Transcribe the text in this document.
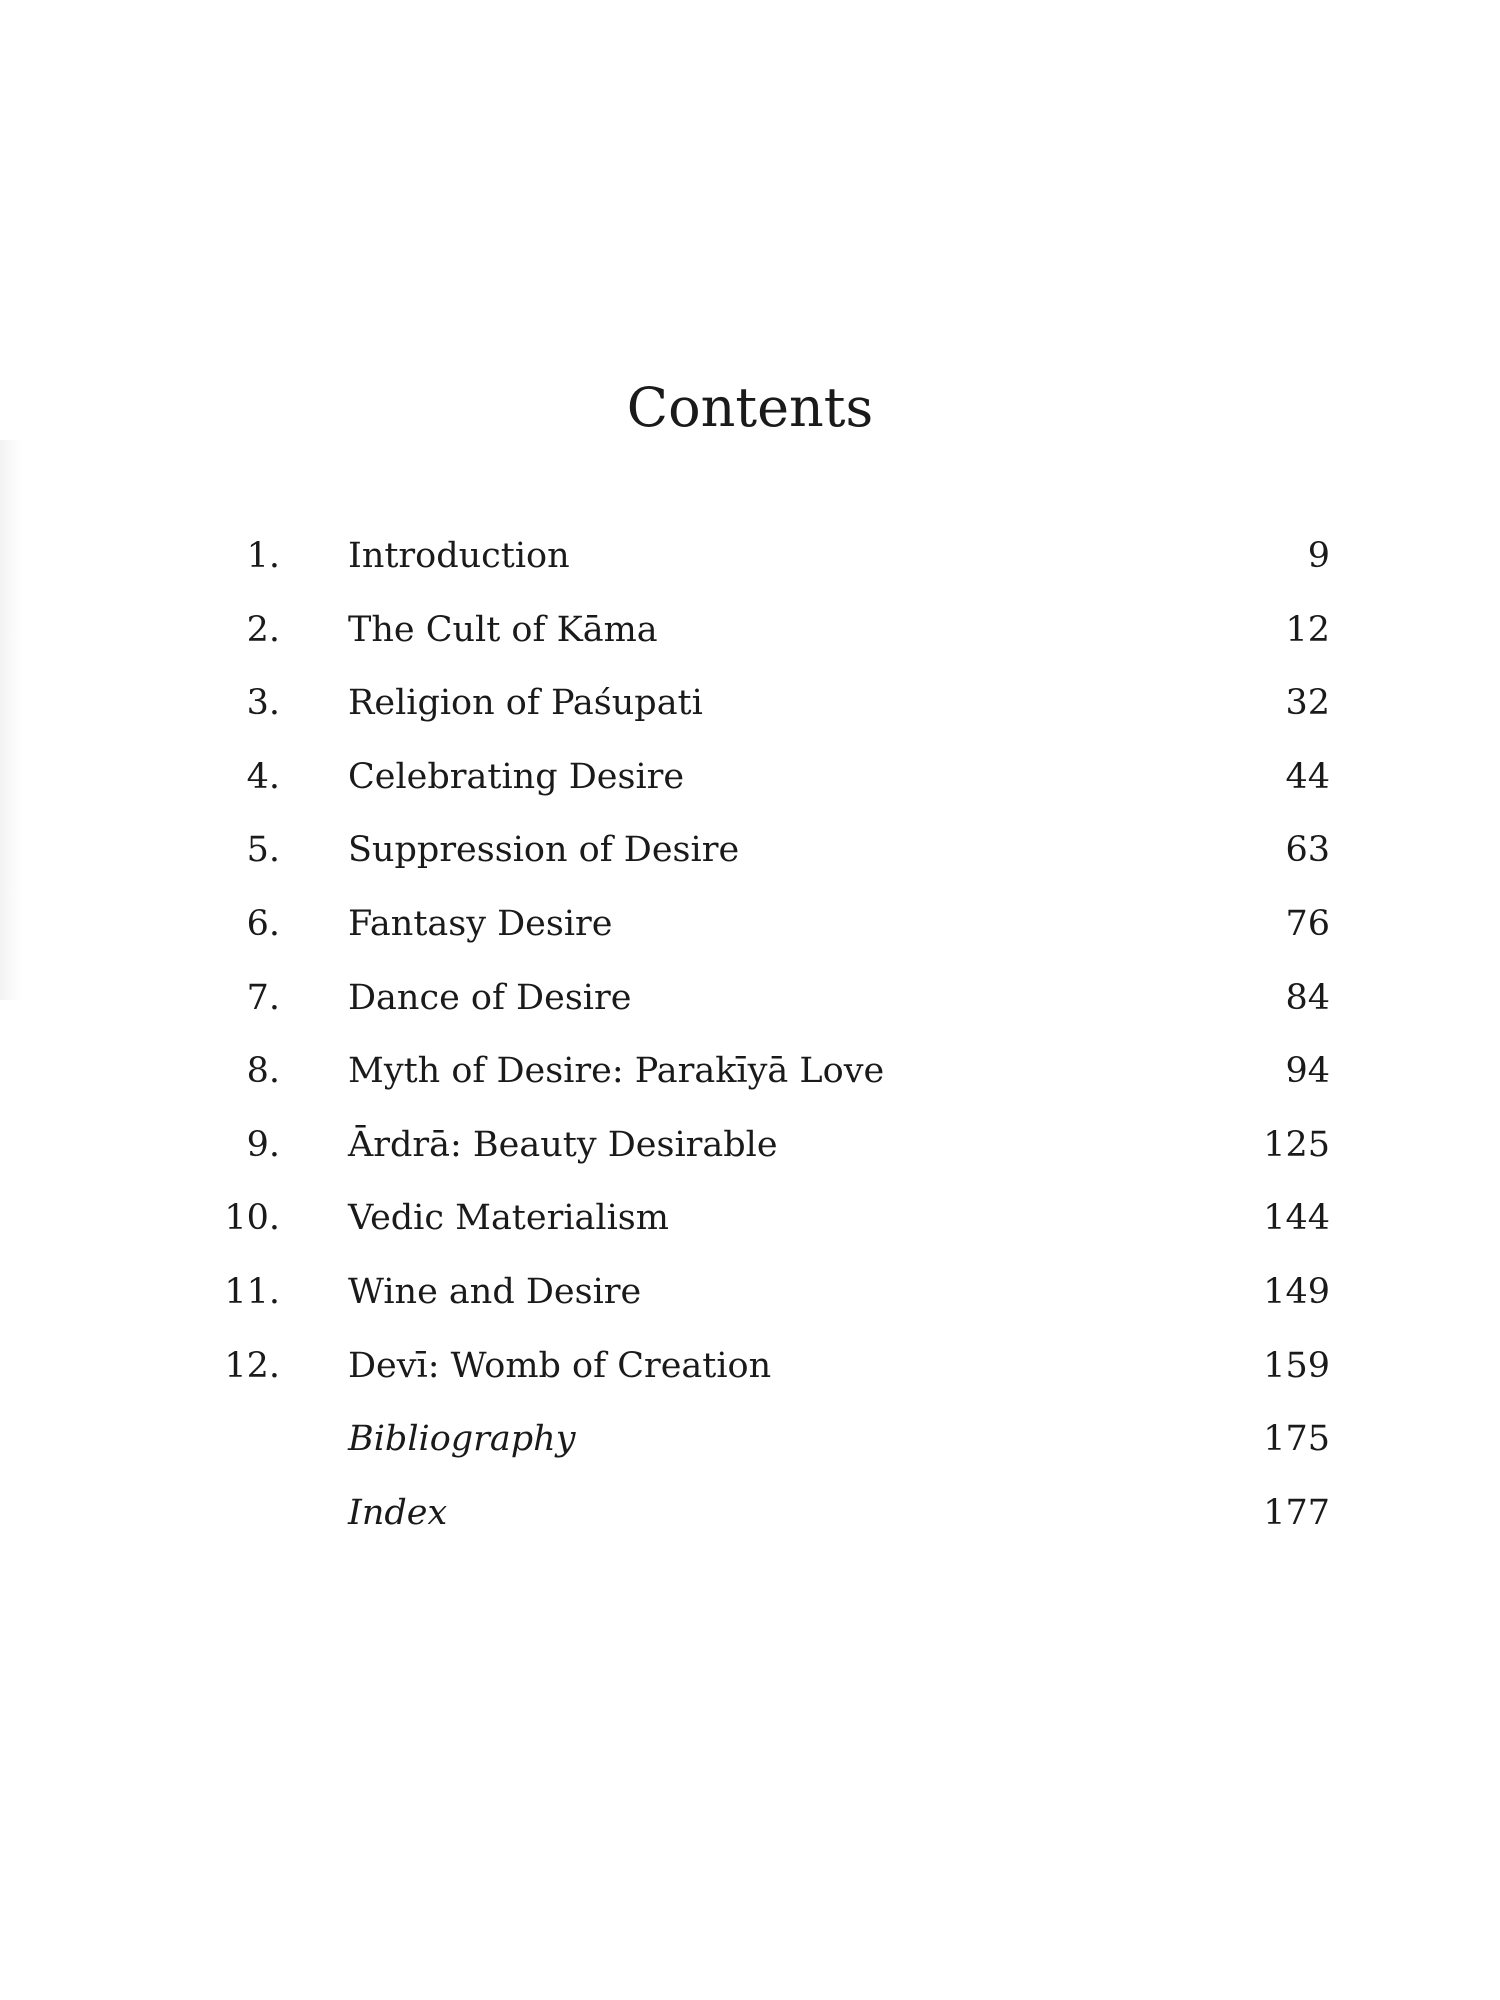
Contents
1. Introduction	9
2. The Cult of Kāma	12
3. Religion of Paśupati	32
4. Celebrating Desire	44
5. Suppression of Desire	63
6. Fantasy Desire	76
7. Dance of Desire	84
8. Myth of Desire: Parakīyā Love	94
9. Ārdrā: Beauty Desirable	125
10. Vedic Materialism	144
11. Wine and Desire	149
12. Devī: Womb of Creation	159
Bibliography	175
Index	177
